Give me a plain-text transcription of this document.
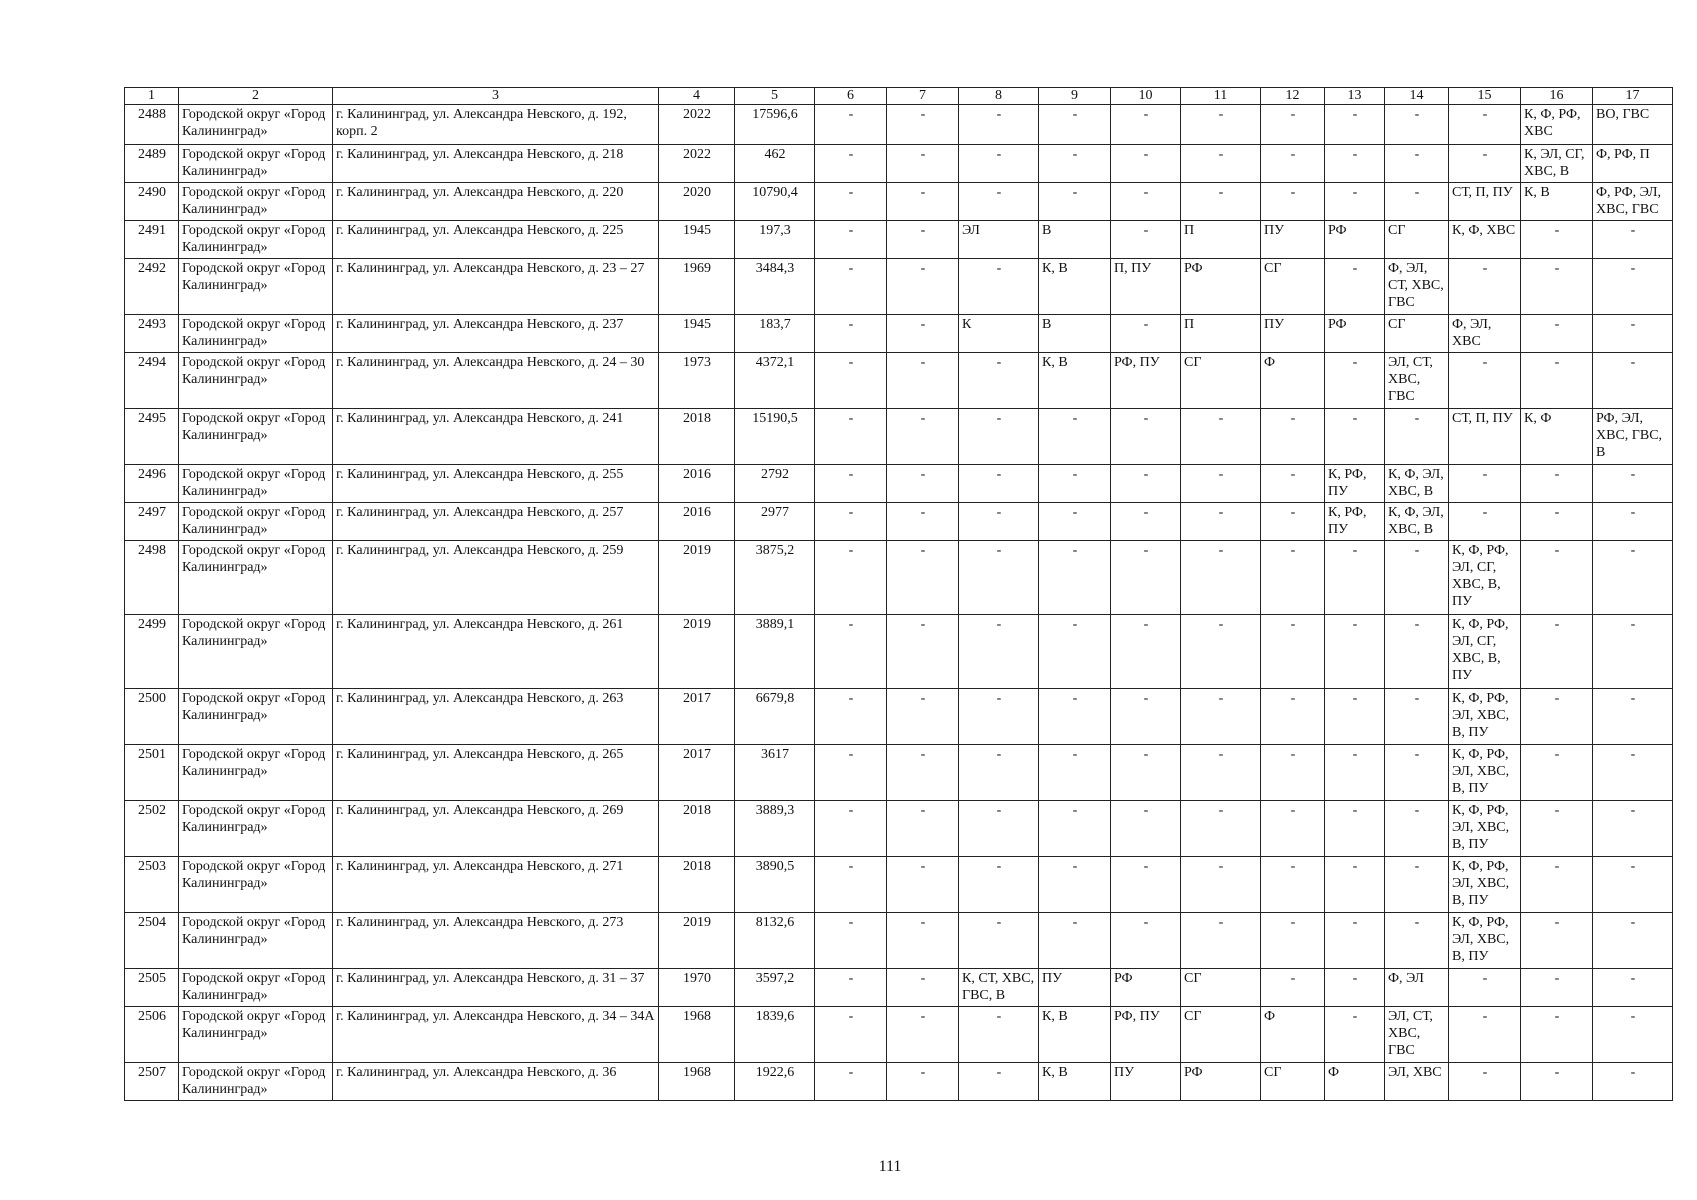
1	2	3	4	5	6	7	8	9	10	11	12	13	14	15	16	17
2488	Городской округ «Город Калининград»	г. Калининград, ул. Александра Невского, д. 192, корп. 2	2022	17596,6	-	-	-	-	-	-	-	-	-	-	К, Ф, РФ, ХВС	ВО, ГВС
2489	Городской округ «Город Калининград»	г. Калининград, ул. Александра Невского, д. 218	2022	462	-	-	-	-	-	-	-	-	-	-	К, ЭЛ, СГ, ХВС, В	Ф, РФ, П
2490	Городской округ «Город Калининград»	г. Калининград, ул. Александра Невского, д. 220	2020	10790,4	-	-	-	-	-	-	-	-	-	СТ, П, ПУ	К, В	Ф, РФ, ЭЛ, ХВС, ГВС
2491	Городской округ «Город Калининград»	г. Калининград, ул. Александра Невского, д. 225	1945	197,3	-	-	ЭЛ	В	-	П	ПУ	РФ	СГ	К, Ф, ХВС	-	-
2492	Городской округ «Город Калининград»	г. Калининград, ул. Александра Невского, д. 23 – 27	1969	3484,3	-	-	-	К, В	П, ПУ	РФ	СГ	-	Ф, ЭЛ, СТ, ХВС, ГВС	-	-	-
2493	Городской округ «Город Калининград»	г. Калининград, ул. Александра Невского, д. 237	1945	183,7	-	-	К	В	-	П	ПУ	РФ	СГ	Ф, ЭЛ, ХВС	-	-
2494	Городской округ «Город Калининград»	г. Калининград, ул. Александра Невского, д. 24 – 30	1973	4372,1	-	-	-	К, В	РФ, ПУ	СГ	Ф	-	ЭЛ, СТ, ХВС, ГВС	-	-	-
2495	Городской округ «Город Калининград»	г. Калининград, ул. Александра Невского, д. 241	2018	15190,5	-	-	-	-	-	-	-	-	-	СТ, П, ПУ	К, Ф	РФ, ЭЛ, ХВС, ГВС, В
2496	Городской округ «Город Калининград»	г. Калининград, ул. Александра Невского, д. 255	2016	2792	-	-	-	-	-	-	-	К, РФ, ПУ	К, Ф, ЭЛ, ХВС, В	-	-	-
2497	Городской округ «Город Калининград»	г. Калининград, ул. Александра Невского, д. 257	2016	2977	-	-	-	-	-	-	-	К, РФ, ПУ	К, Ф, ЭЛ, ХВС, В	-	-	-
2498	Городской округ «Город Калининград»	г. Калининград, ул. Александра Невского, д. 259	2019	3875,2	-	-	-	-	-	-	-	-	-	К, Ф, РФ, ЭЛ, СГ, ХВС, В, ПУ	-	-
2499	Городской округ «Город Калининград»	г. Калининград, ул. Александра Невского, д. 261	2019	3889,1	-	-	-	-	-	-	-	-	-	К, Ф, РФ, ЭЛ, СГ, ХВС, В, ПУ	-	-
2500	Городской округ «Город Калининград»	г. Калининград, ул. Александра Невского, д. 263	2017	6679,8	-	-	-	-	-	-	-	-	-	К, Ф, РФ, ЭЛ, ХВС, В, ПУ	-	-
2501	Городской округ «Город Калининград»	г. Калининград, ул. Александра Невского, д. 265	2017	3617	-	-	-	-	-	-	-	-	-	К, Ф, РФ, ЭЛ, ХВС, В, ПУ	-	-
2502	Городской округ «Город Калининград»	г. Калининград, ул. Александра Невского, д. 269	2018	3889,3	-	-	-	-	-	-	-	-	-	К, Ф, РФ, ЭЛ, ХВС, В, ПУ	-	-
2503	Городской округ «Город Калининград»	г. Калининград, ул. Александра Невского, д. 271	2018	3890,5	-	-	-	-	-	-	-	-	-	К, Ф, РФ, ЭЛ, ХВС, В, ПУ	-	-
2504	Городской округ «Город Калининград»	г. Калининград, ул. Александра Невского, д. 273	2019	8132,6	-	-	-	-	-	-	-	-	-	К, Ф, РФ, ЭЛ, ХВС, В, ПУ	-	-
2505	Городской округ «Город Калининград»	г. Калининград, ул. Александра Невского, д. 31 – 37	1970	3597,2	-	-	К, СТ, ХВС, ГВС, В	ПУ	РФ	СГ	-	-	Ф, ЭЛ	-	-	-
2506	Городской округ «Город Калининград»	г. Калининград, ул. Александра Невского, д. 34 – 34А	1968	1839,6	-	-	-	К, В	РФ, ПУ	СГ	Ф	-	ЭЛ, СТ, ХВС, ГВС	-	-	-
2507	Городской округ «Город Калининград»	г. Калининград, ул. Александра Невского, д. 36	1968	1922,6	-	-	-	К, В	ПУ	РФ	СГ	Ф	ЭЛ, ХВС	-	-	-
111
